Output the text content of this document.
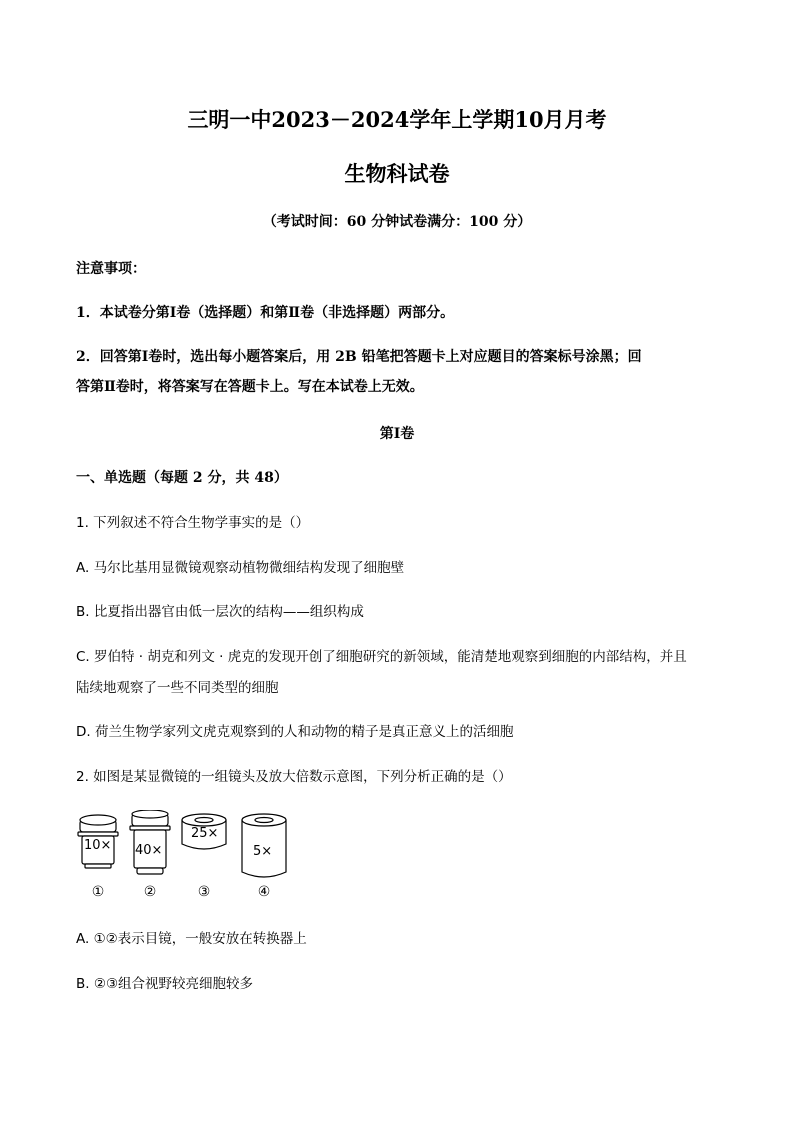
三明一中2023－2024学年上学期10月月考
生物科试卷
（考试时间：60 分钟试卷满分：100 分）
注意事项：
1．本试卷分第Ⅰ卷（选择题）和第Ⅱ卷（非选择题）两部分。
2．回答第Ⅰ卷时，选出每小题答案后，用 2B 铅笔把答题卡上对应题目的答案标号涂黑；回
答第Ⅱ卷时，将答案写在答题卡上。写在本试卷上无效。
第Ⅰ卷
一、单选题（每题 2 分，共 48）
1. 下列叙述不符合生物学事实的是（）
A. 马尔比基用显微镜观察动植物微细结构发现了细胞壁
B. 比夏指出器官由低一层次的结构——组织构成
C. 罗伯特 · 胡克和列文 · 虎克的发现开创了细胞研究的新领域，能清楚地观察到细胞的内部结构，并且
陆续地观察了一些不同类型的细胞
D. 荷兰生物学家列文虎克观察到的人和动物的精子是真正意义上的活细胞
2. 如图是某显微镜的一组镜头及放大倍数示意图，下列分析正确的是（）
10× 40×
25×
5×
①	②	③	④
A. ①②表示目镜，一般安放在转换器上
B. ②③组合视野较亮细胞较多
